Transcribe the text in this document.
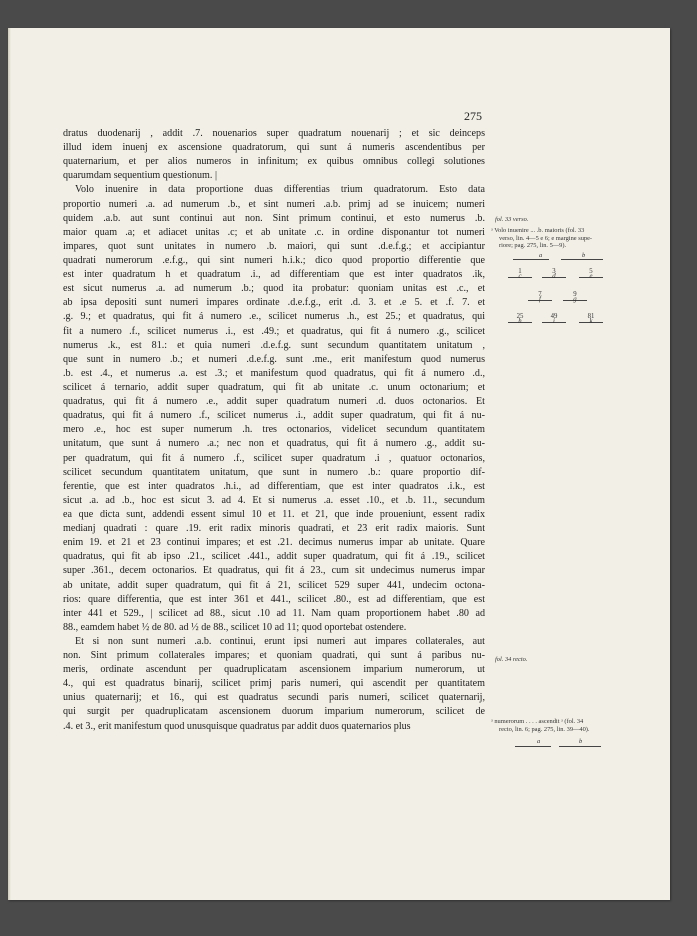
275
dratus duodenarij , addit .7. nouenarios super quadratum nouenarij ; et sic deinceps
illud idem inuenj ex ascensione quadratorum, qui sunt á numeris ascendentibus per
quaternarium, et per alios numeros in infinitum; ex quibus omnibus collegi solutiones
quarumdam sequentium questionum. |
Volo inuenire in data proportione duas differentias trium quadratorum. Esto data
proportio numeri .a. ad numerum .b., et sint numeri .a.b. primj ad se inuicem; numeri
quidem .a.b. aut sunt continui aut non. Sint primum continui, et esto numerus .b.
maior quam .a; et adiacet unitas .c; et ab unitate .c. in ordine disponantur tot numeri
impares, quot sunt unitates in numero .b. maiori, qui sunt .d.e.f.g.; et accipiantur
quadrati numerorum .e.f.g., qui sint numeri h.i.k.; dico quod proportio differentie que
est inter quadratum h et quadratum .i., ad differentiam que est inter quadratos .ik,
est sicut numerus .a. ad numerum .b.; quod ita probatur: quoniam unitas est .c., et
ab ipsa depositi sunt numeri impares ordinate .d.e.f.g., erit .d. 3. et .e 5. et .f. 7. et
.g. 9.; et quadratus, qui fit á numero .e., scilicet numerus .h., est 25.; et quadratus, qui
fit a numero .f., scilicet numerus .i., est .49.; et quadratus, qui fit á numero .g., scilicet
numerus .k., est 81.: et quia numeri .d.e.f.g. sunt secundum quantitatem unitatum ,
que sunt in numero .b.; et numeri .d.e.f.g. sunt .me., erit manifestum quod numerus
.b. est .4., et numerus .a. est .3.; et manifestum quod quadratus, qui fit á numero .d.,
scilicet á ternario, addit super quadratum, qui fit ab unitate .c. unum octonarium; et
quadratus, qui fit á numero .e., addit super quadratum numeri .d. duos octonarios. Et
quadratus, qui fit á numero .f., scilicet numerus .i., addit super quadratum, qui fit á nu-
mero .e., hoc est super numerum .h. tres octonarios, videlicet secundum quantitatem
unitatum, que sunt á numero .a.; nec non et quadratus, qui fit á numero .g., addit su-
per quadratum, qui fit á numero .f., scilicet super quadratum .i , quatuor octonarios,
scilicet secundum quantitatem unitatum, que sunt in numero .b.: quare proportio dif-
ferentie, que est inter quadratos .h.i., ad differentiam, que est inter quadratos .i.k., est
sicut .a. ad .b., hoc est sicut 3. ad 4. Et si numerus .a. esset .10., et .b. 11., secundum
ea que dicta sunt, addendi essent simul 10 et 11. et 21, que inde proueniunt, essent radix
medianj quadrati : quare .19. erit radix minoris quadrati, et 23 erit radix maioris. Sunt
enim 19. et 21 et 23 continui impares; et est .21. decimus numerus impar ab unitate. Quare
quadratus, qui fit ab ipso .21., scilicet .441., addit super quadratum, qui fit á .19., scilicet
super .361., decem octonarios. Et quadratus, qui fit á 23., cum sit undecimus numerus impar
ab unitate, addit super quadratum, qui fit á 21, scilicet 529 super 441, undecim octona-
rios: quare differentia, que est inter 361 et 441., scilicet .80., est ad differentiam, que est
inter 441 et 529., | scilicet ad 88., sicut .10 ad 11. Nam quam proportionem habet .80 ad
88., eamdem habet ½ de 80. ad ½ de 88., scilicet 10 ad 11; quod oportebat ostendere.
Et si non sunt numeri .a.b. continui, erunt ipsi numeri aut impares collaterales, aut
non. Sint primum collaterales impares; et quoniam quadrati, qui sunt á paribus nu-
meris, ordinate ascendunt per quadruplicatam ascensionem imparium numerorum, ut
4., qui est quadratus binarij, scilicet primj paris numeri, qui ascendit per quantitatem
unius quaternarij; et 16., qui est quadratus secundi paris numeri, scilicet quaternarij,
qui surgit per quadruplicatam ascensionem duorum imparium numerorum, scilicet de
.4. et 3., erit manifestum quod unusquisque quadratus par addit duos quaternarios plus
fol. 33 verso.
ᵃ Volo inuenire ... .b. maioris (fol. 33
verso, lin. 4—5 e 6; e margine supe-
riore; pag. 275, lin. 5—9).
a	b
1
c
3
d
5
e
7
f
9
g
25
h
49
i
81
k
fol. 34 recto.
ᵃ numerorum . . . . ascendit ᵃ (fol. 34
recto, lin. 6; pag. 275, lin. 39—40).
a	b
